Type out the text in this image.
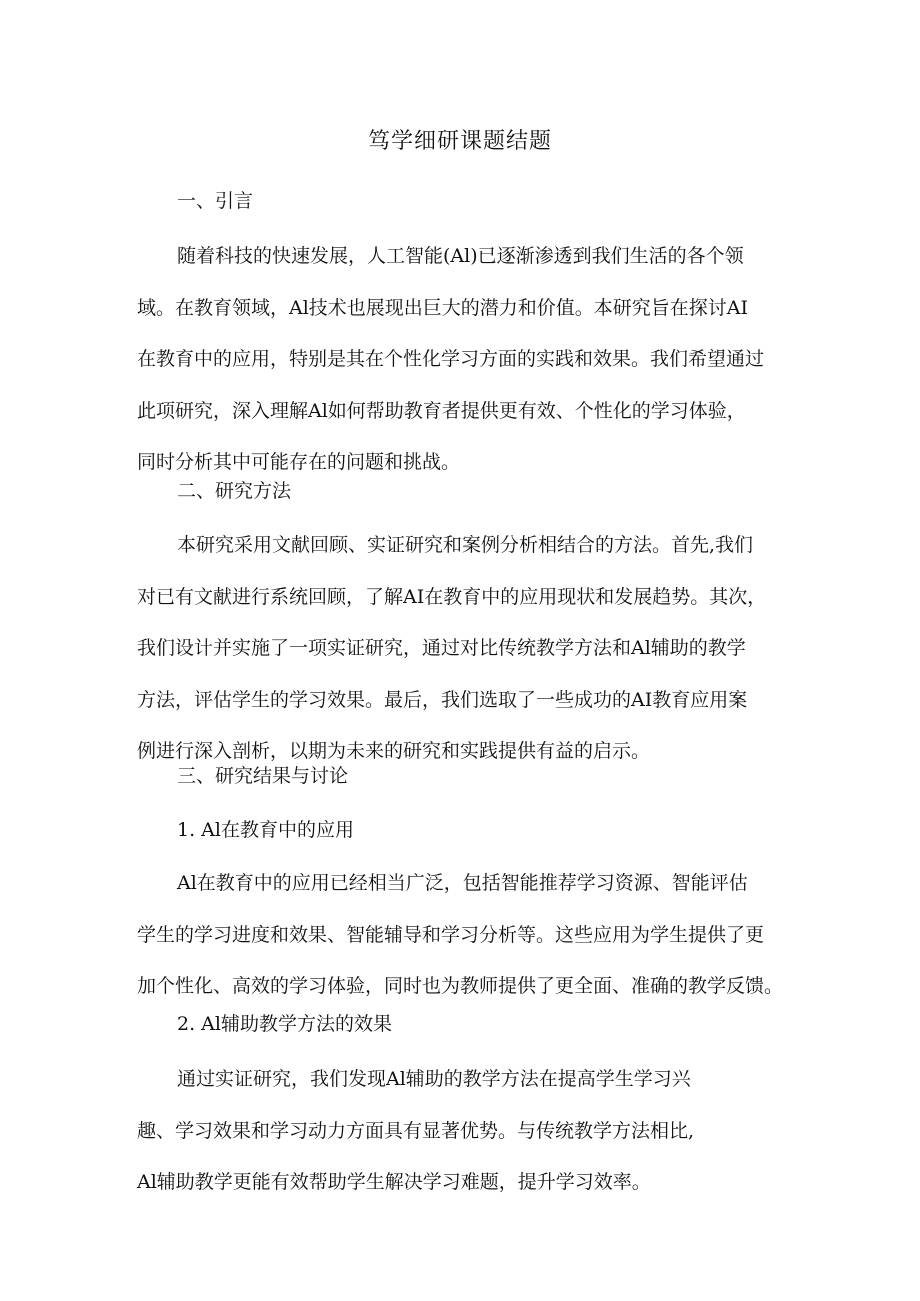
笃学细研课题结题
一、引言
随着科技的快速发展，人工智能(Al)已逐渐渗透到我们生活的各个领
域。在教育领域，Al技术也展现出巨大的潜力和价值。本研究旨在探讨AI
在教育中的应用，特别是其在个性化学习方面的实践和效果。我们希望通过
此项研究，深入理解Al如何帮助教育者提供更有效、个性化的学习体验，
同时分析其中可能存在的问题和挑战。
二、研究方法
本研究采用文献回顾、实证研究和案例分析相结合的方法。首先,我们
对已有文献进行系统回顾，了解AI在教育中的应用现状和发展趋势。其次，
我们设计并实施了一项实证研究，通过对比传统教学方法和Al辅助的教学
方法，评估学生的学习效果。最后，我们选取了一些成功的AI教育应用案
例进行深入剖析，以期为未来的研究和实践提供有益的启示。
三、研究结果与讨论
1. Al在教育中的应用
Al在教育中的应用已经相当广泛，包括智能推荐学习资源、智能评估
学生的学习进度和效果、智能辅导和学习分析等。这些应用为学生提供了更
加个性化、高效的学习体验，同时也为教师提供了更全面、准确的教学反馈。
2. Al辅助教学方法的效果
通过实证研究，我们发现Al辅助的教学方法在提高学生学习兴
趣、学习效果和学习动力方面具有显著优势。与传统教学方法相比,
Al辅助教学更能有效帮助学生解决学习难题，提升学习效率。
